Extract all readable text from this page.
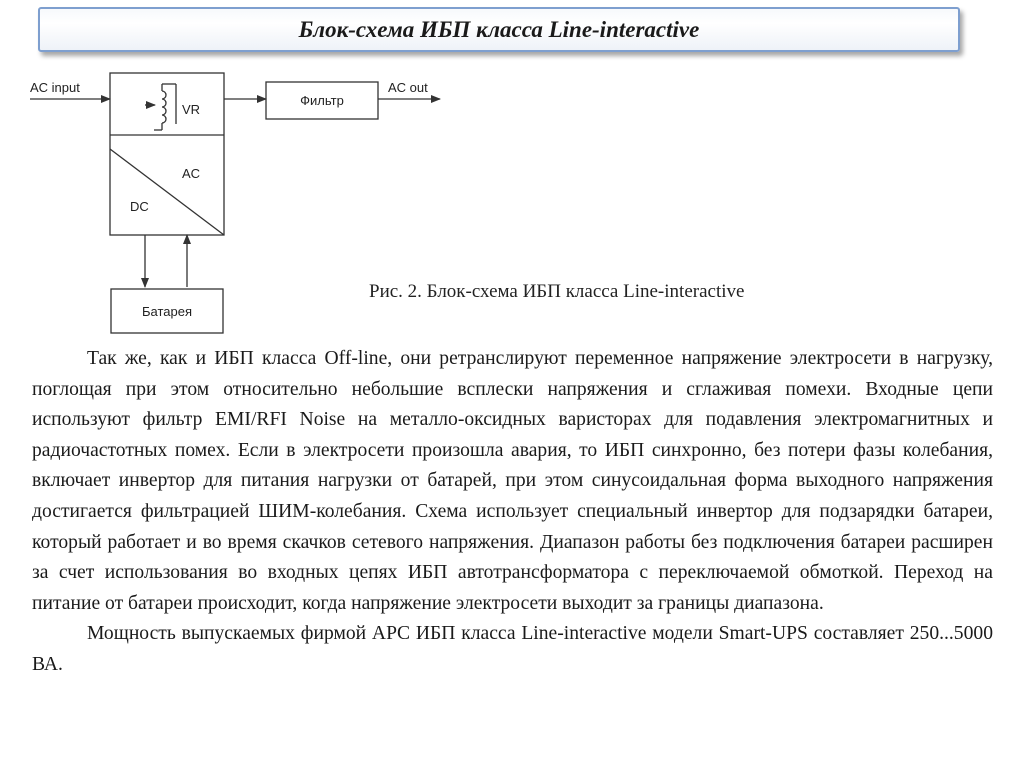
Блок-схема ИБП класса Line-interactive
AC input
VR
AC
DC
Фильтр
AC out
Батарея
Рис. 2. Блок-схема ИБП класса Line-interactive

Так же, как и ИБП класса Off-line, они ретранслируют переменное напряжение электросети в нагрузку, поглощая при этом относительно небольшие всплески напряжения и сглаживая помехи. Входные цепи используют фильтр EMI/RFI Noise на металло-оксидных варисторах для подавления электромагнитных и радиочастотных помех. Если в электросети произошла авария, то ИБП синхронно, без потери фазы колебания, включает инвертор для питания нагрузки от батарей, при этом синусоидальная форма выходного напряжения достигается фильтрацией ШИМ-колебания. Схема использует специальный инвертор для подзарядки батареи, который работает и во время скачков сетевого напряжения. Диапазон работы без подключения батареи расширен за счет использования во входных цепях ИБП автотрансформатора с переключаемой обмоткой. Переход на питание от батареи происходит, когда напряжение электросети выходит за границы диапазона.

Мощность выпускаемых фирмой APC ИБП класса Line-interactive модели Smart-UPS составляет 250...5000 ВА.
